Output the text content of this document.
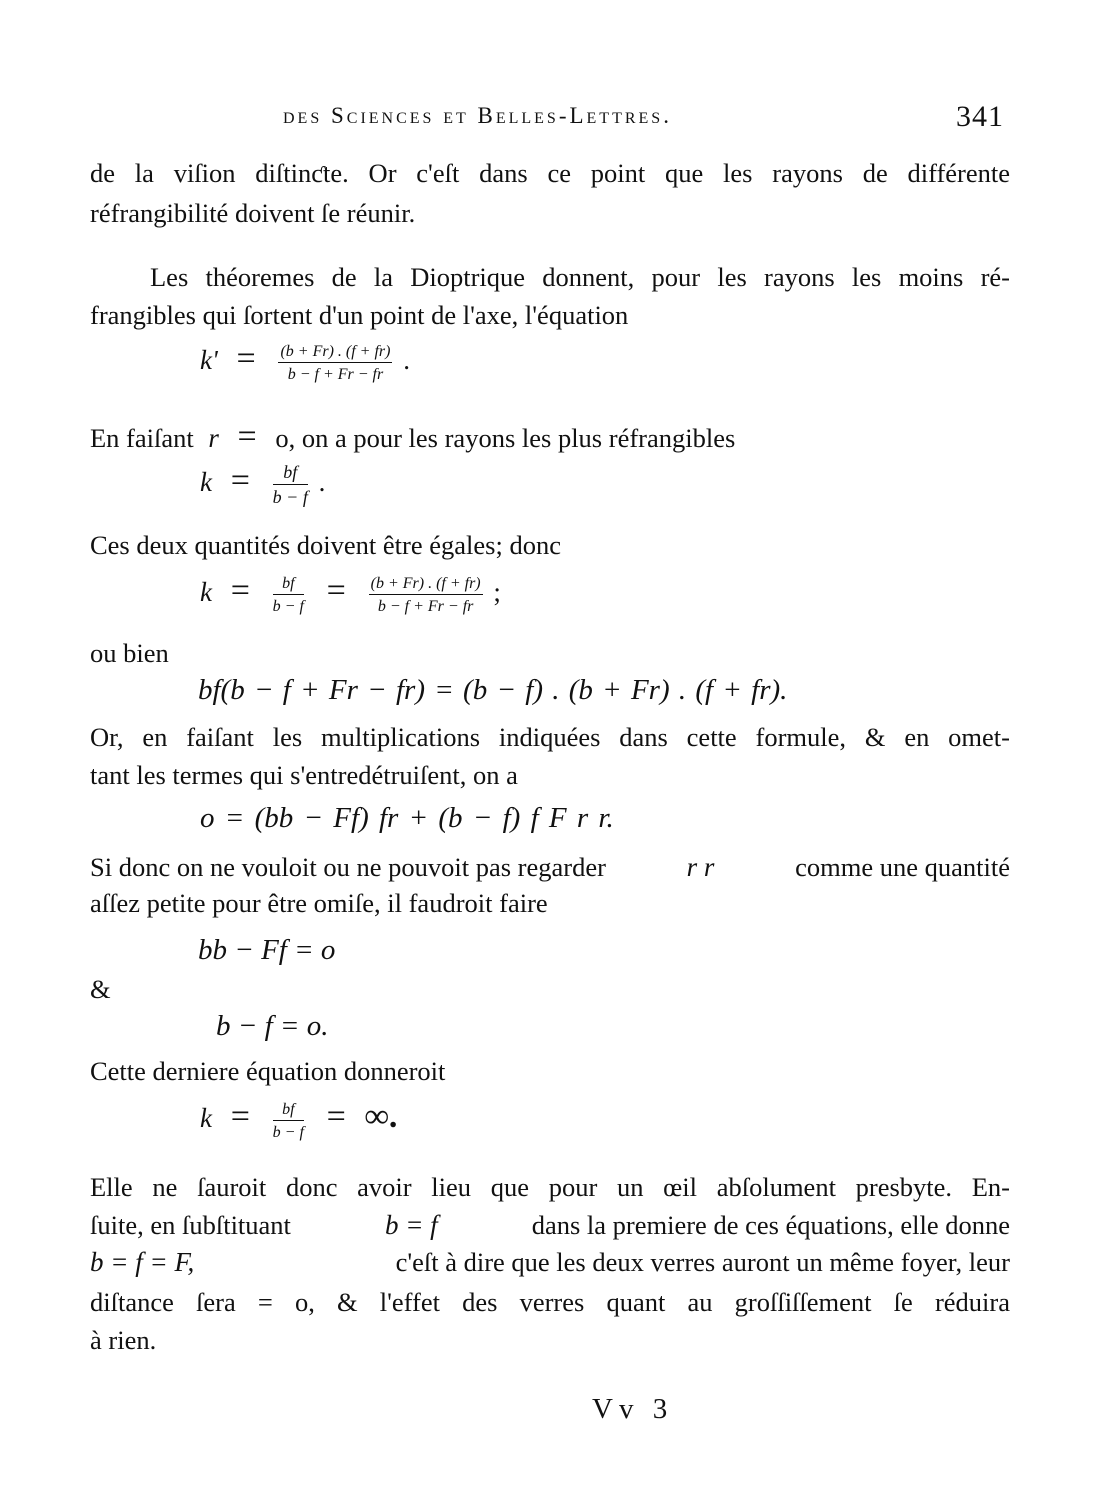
des Sciences et Belles-Lettres.	341
de la viſion diſtinƈte. Or c'eſt dans ce point que les rayons de différente
réfrangibilité doivent ſe réunir.
Les théoremes de la Dioptrique donnent, pour les rayons les moins ré-
frangibles qui ſortent d'un point de l'axe, l'équation
$k' = \frac{(b + Fr) . (f + fr)}{b - f + Fr - fr}$ .
En faiſant r = o, on a pour les rayons les plus réfrangibles
$k = \frac{bf}{b - f}$ .
Ces deux quantités doivent être égales; donc
$k = \frac{bf}{b - f} = \frac{(b + Fr) . (f + fr)}{b - f + Fr - fr}$ ;
ou bien
bf(b − f + Fr − fr) = (b − f) . (b + Fr) . (f + fr).
Or, en faiſant les multiplications indiquées dans cette formule, & en omet-
tant les termes qui s'entredétruiſent, on a
o = (bb − Ff) fr + (b − f) f F r r.
Si donc on ne vouloit ou ne pouvoit pas regarder	r r	comme une quantité
aſſez petite pour être omiſe, il faudroit faire
bb − Ff = o
&
b − f = o.
Cette derniere équation donneroit
$k = \frac{bf}{b - f}$ = ∞.
Elle ne ſauroit donc avoir lieu que pour un œil abſolument presbyte. En-
ſuite, en ſubſtituant	b = f	dans la premiere de ces équations, elle donne
b = f = F,	c'eſt à dire que les deux verres auront un même foyer, leur
diſtance ſera = o, & l'effet des verres quant au groſſiſſement ſe réduira
à rien.
Vv 3
